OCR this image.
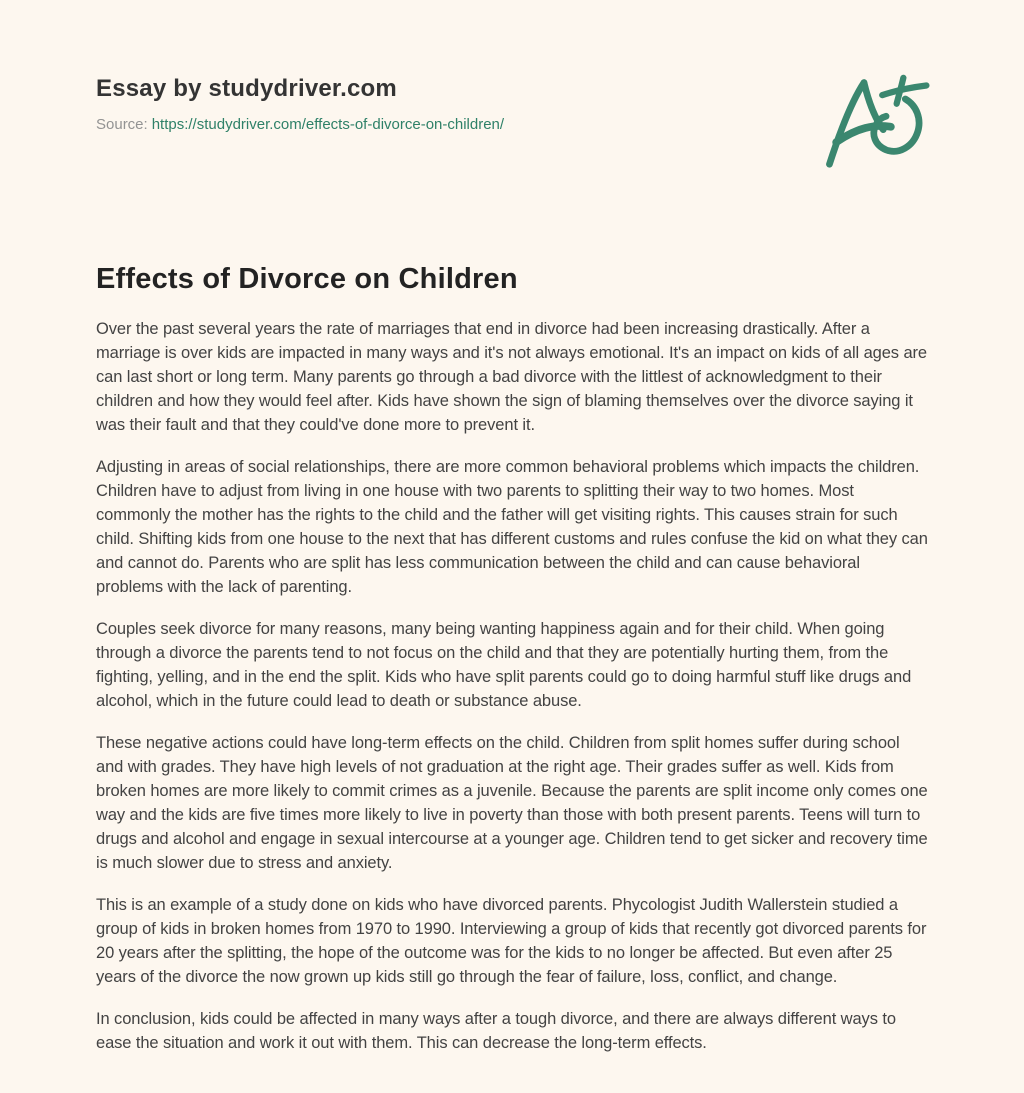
Essay by studydriver.com
Source: https://studydriver.com/effects-of-divorce-on-children/
Effects of Divorce on Children

Over the past several years the rate of marriages that end in divorce had been increasing drastically. After a marriage is over kids are impacted in many ways and it's not always emotional. It's an impact on kids of all ages are can last short or long term. Many parents go through a bad divorce with the littlest of acknowledgment to their children and how they would feel after. Kids have shown the sign of blaming themselves over the divorce saying it was their fault and that they could've done more to prevent it.

Adjusting in areas of social relationships, there are more common behavioral problems which impacts the children. Children have to adjust from living in one house with two parents to splitting their way to two homes. Most commonly the mother has the rights to the child and the father will get visiting rights. This causes strain for such child. Shifting kids from one house to the next that has different customs and rules confuse the kid on what they can and cannot do. Parents who are split has less communication between the child and can cause behavioral problems with the lack of parenting.

Couples seek divorce for many reasons, many being wanting happiness again and for their child. When going through a divorce the parents tend to not focus on the child and that they are potentially hurting them, from the fighting, yelling, and in the end the split. Kids who have split parents could go to doing harmful stuff like drugs and alcohol, which in the future could lead to death or substance abuse.

These negative actions could have long-term effects on the child. Children from split homes suffer during school and with grades. They have high levels of not graduation at the right age. Their grades suffer as well. Kids from broken homes are more likely to commit crimes as a juvenile. Because the parents are split income only comes one way and the kids are five times more likely to live in poverty than those with both present parents. Teens will turn to drugs and alcohol and engage in sexual intercourse at a younger age. Children tend to get sicker and recovery time is much slower due to stress and anxiety.

This is an example of a study done on kids who have divorced parents. Phycologist Judith Wallerstein studied a group of kids in broken homes from 1970 to 1990. Interviewing a group of kids that recently got divorced parents for 20 years after the splitting, the hope of the outcome was for the kids to no longer be affected. But even after 25 years of the divorce the now grown up kids still go through the fear of failure, loss, conflict, and change.

In conclusion, kids could be affected in many ways after a tough divorce, and there are always different ways to ease the situation and work it out with them. This can decrease the long-term effects.
